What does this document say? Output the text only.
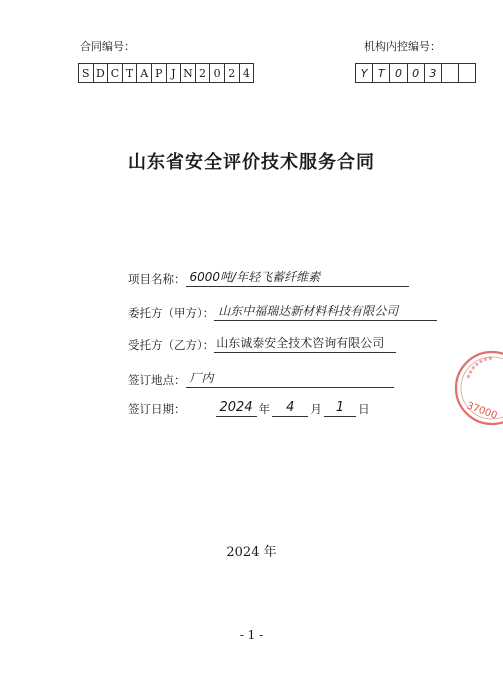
合同编号：	机构内控编号：
S D C T A P J N 2 0 2 4	Y T 0 0 3
山东省安全评价技术服务合同
项目名称： 6000吨/年轻飞蓄纤维素
委托方（甲方）： 山东中福瑞达新材料科技有限公司
受托方（乙方）： 山东诚泰安全技术咨询有限公司
签订地点： 厂内
签订日期：	2024 年	4	月	1	日
2024 年
- 1 -
37000
